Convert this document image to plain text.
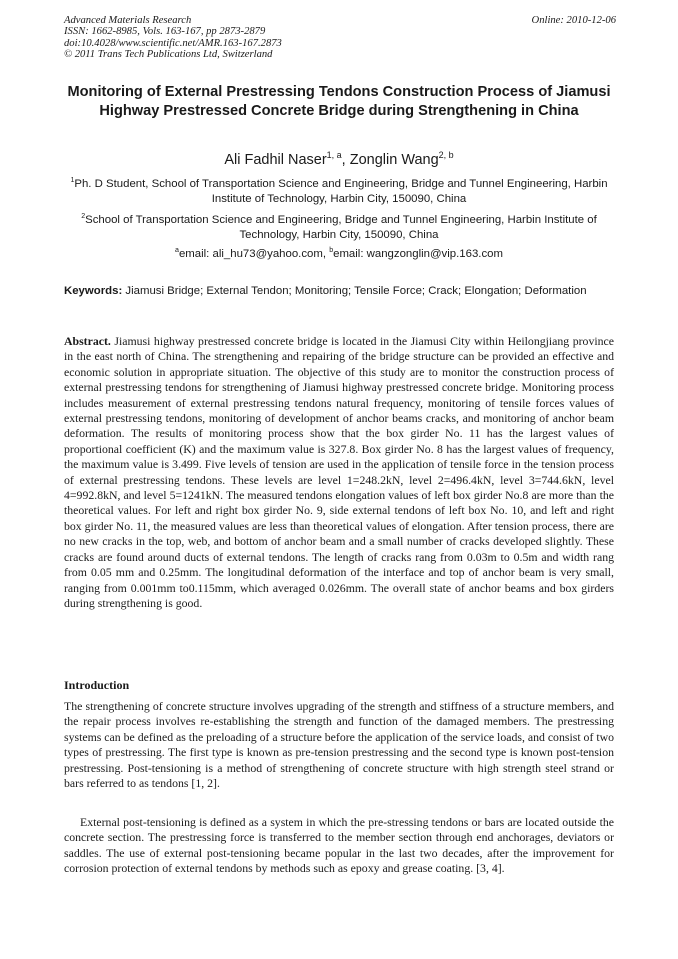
Advanced Materials Research
ISSN: 1662-8985, Vols. 163-167, pp 2873-2879
doi:10.4028/www.scientific.net/AMR.163-167.2873
© 2011 Trans Tech Publications Ltd, Switzerland
Online: 2010-12-06
Monitoring of External Prestressing Tendons Construction Process of Jiamusi Highway Prestressed Concrete Bridge during Strengthening in China
Ali Fadhil Naser$^{1, a}$, Zonglin Wang$^{2, b}$
$^1$Ph. D Student, School of Transportation Science and Engineering, Bridge and Tunnel Engineering, Harbin Institute of Technology, Harbin City, 150090, China
$^2$School of Transportation Science and Engineering, Bridge and Tunnel Engineering, Harbin Institute of Technology, Harbin City, 150090, China
$^a$email: ali_hu73@yahoo.com, $^b$email: wangzonglin@vip.163.com
Keywords: Jiamusi Bridge; External Tendon; Monitoring; Tensile Force; Crack; Elongation; Deformation

Abstract. Jiamusi highway prestressed concrete bridge is located in the Jiamusi City within Heilongjiang province in the east north of China. The strengthening and repairing of the bridge structure can be provided an effective and economic solution in appropriate situation. The objective of this study are to monitor the construction process of external prestressing tendons for strengthening of Jiamusi highway prestressed concrete bridge. Monitoring process includes measurement of external prestressing tendons natural frequency, monitoring of tensile forces values of external prestressing tendons, monitoring of development of anchor beams cracks, and monitoring of anchor beam deformation. The results of monitoring process show that the box girder No. 11 has the largest values of proportional coefficient (K) and the maximum value is 327.8. Box girder No. 8 has the largest values of frequency, the maximum value is 3.499. Five levels of tension are used in the application of tensile force in the tension process of external prestressing tendons. These levels are level 1=248.2kN, level 2=496.4kN, level 3=744.6kN, level 4=992.8kN, and level 5=1241kN. The measured tendons elongation values of left box girder No.8 are more than the theoretical values. For left and right box girder No. 9, side external tendons of left box No. 10, and left and right box girder No. 11, the measured values are less than theoretical values of elongation. After tension process, there are no new cracks in the top, web, and bottom of anchor beam and a small number of cracks developed slightly. These cracks are found around ducts of external tendons. The length of cracks rang from 0.03m to 0.5m and width rang from 0.05 mm and 0.25mm. The longitudinal deformation of the interface and top of anchor beam is very small, ranging from 0.001mm to0.115mm, which averaged 0.026mm. The overall state of anchor beams and box girders during strengthening is good.

Introduction

The strengthening of concrete structure involves upgrading of the strength and stiffness of a structure members, and the repair process involves re-establishing the strength and function of the damaged members. The prestressing systems can be defined as the preloading of a structure before the application of the service loads, and consist of two types of prestressing. The first type is known as pre-tension prestressing and the second type is known post-tension prestressing. Post-tensioning is a method of strengthening of concrete structure with high strength steel strand or bars referred to as tendons [1, 2].

External post-tensioning is defined as a system in which the pre-stressing tendons or bars are located outside the concrete section. The prestressing force is transferred to the member section through end anchorages, deviators or saddles. The use of external post-tensioning became popular in the last two decades, after the improvement for corrosion protection of external tendons by methods such as epoxy and grease coating. [3, 4].
